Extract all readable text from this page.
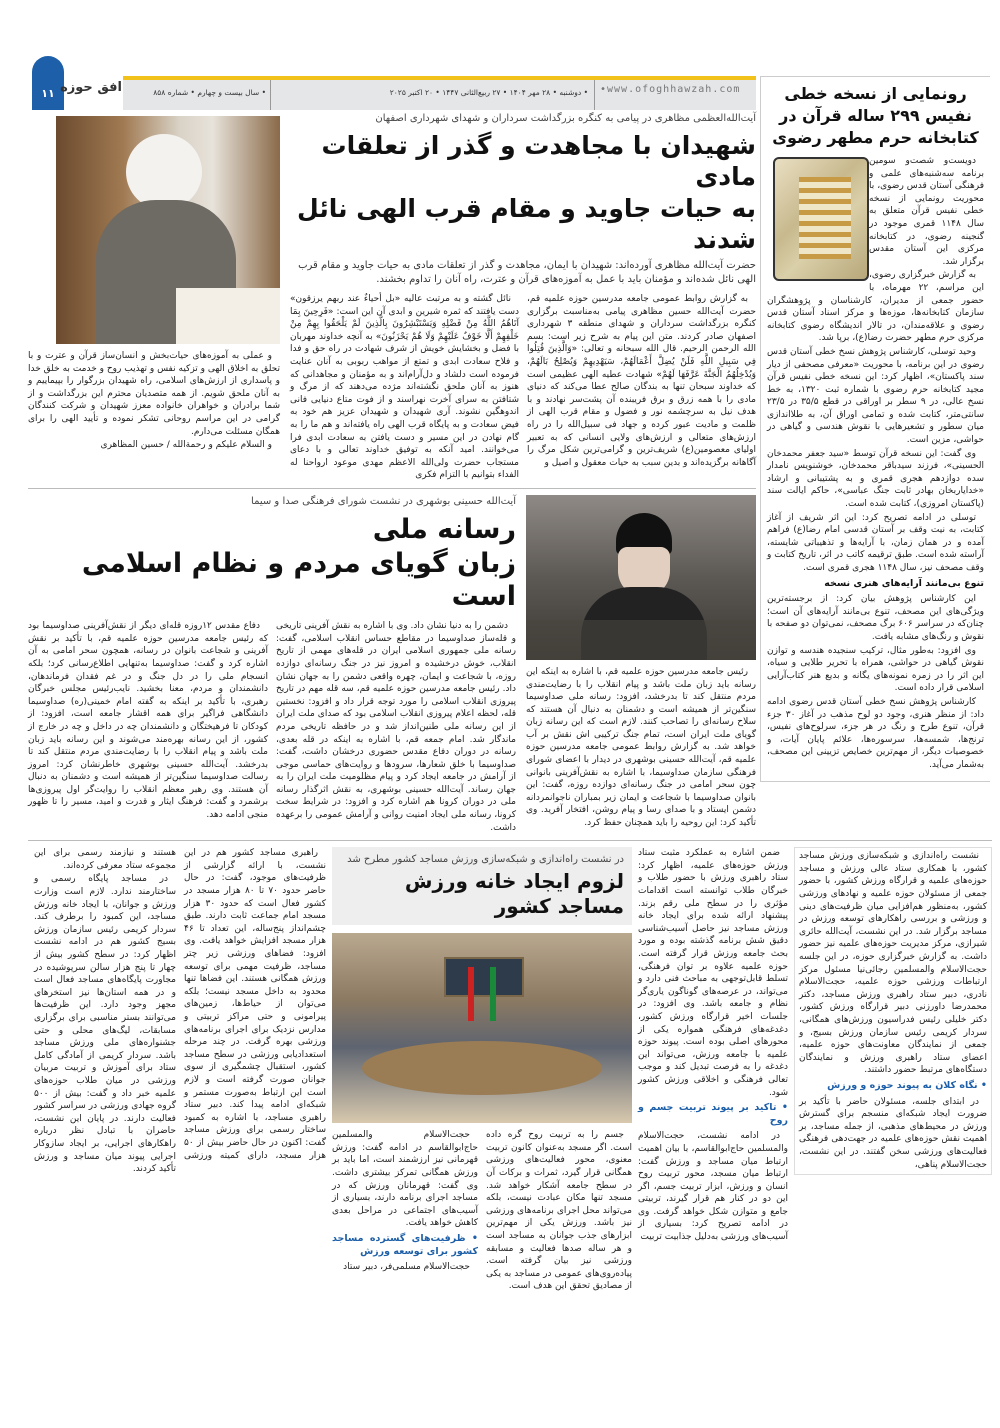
۱۱ افق حوزه	• سال بیست و چهارم • شماره ۸۵۸	• دوشنبه • ۲۸ مهر ۱۴۰۴ • ۲۷ ربیع‌الثانی ۱۴۴۷ • ۲۰ اکتبر ۲۰۲۵ •www.ofoghhawzah.com
آیت‌الله‌العظمی مظاهری در پیامی به کنگره بزرگداشت سرداران و شهدای شهرداری اصفهان
شهیدان با مجاهدت و گذر از تعلقات مادی
به حیات جاوید و مقام قرب الهی نائل شدند
حضرت آیت‌الله مظاهری آورده‌اند: شهیدان با ایمان، مجاهدت و گذر از تعلقات مادی به حیات جاوید و مقام قرب الهی نائل شده‌اند و مؤمنان باید با عمل به آموزه‌های قرآن و عترت، راه آنان را تداوم بخشند.

به گزارش روابط عمومی جامعه مدرسین حوزه علمیه قم، حضرت آیت‌الله حسین مظاهری پیامی به‌مناسبت برگزاری کنگره بزرگداشت سرداران و شهدای منطقه ۳ شهرداری اصفهان صادر کردند. متن این پیام به شرح زیر است: بسم الله الرحمن الرحیم. قال الله سبحانه و تعالی: «وَالَّذِينَ قُتِلُوا فِي سَبِيلِ اللَّهِ فَلَنْ يُضِلَّ أَعْمَالَهُمْ، سَيَهْدِيهِمْ وَيُصْلِحُ بَالَهُمْ، وَيُدْخِلُهُمُ الْجَنَّةَ عَرَّفَهَا لَهُمْ» شهادت عطیه الهی عظیمی است که خداوند سبحان تنها به بندگان صالح عطا می‌کند که دنیای مادی را با همه زرق و برق فریبنده آن پشت‌سر نهادند و با هدف نیل به سرچشمه نور و فضول و مقام قرب الهی از ظلمت و مادیت عبور کرده و جهاد فی سبیل‌الله را در راه ارزش‌های متعالی و ارزش‌های ولایی انسانی که به تعبیر اولیای معصومین(ع) شریف‌ترین و گرامی‌ترین شکل مرگ را آگاهانه برگزیده‌اند و بدین سبب به حیات معقول و اصیل و

نائل گشته و به مرتبت عالیه «بل أحیاءٌ عند ربهم یرزقون» دست یافتند که ثمره شیرین و ابدی آن این است: «فَرِحِينَ بِمَا آتَاهُمُ اللَّهُ مِنْ فَضْلِهِ وَيَسْتَبْشِرُونَ بِالَّذِينَ لَمْ يَلْحَقُوا بِهِمْ مِنْ خَلْفِهِمْ أَلَّا خَوْفٌ عَلَيْهِمْ وَلَا هُمْ يَحْزَنُونَ» به آنچه خداوند مهربان با فضل و بخشایش خویش از شرف شهادت در راه حق و فدا و فلاح سعادت ابدی و تمتع از مواهب ربوبی به آنان عنایت فرموده است دلشاد و دل‌آرام‌اند و به مؤمنان و مجاهدانی که هنوز به آنان ملحق نگشته‌اند مژده می‌دهند که از مرگ و شتافتن به سرای آخرت نهراسند و از فوت متاع دنیایی فانی اندوهگین نشوند. آری شهیدان و شهیدان عزیز هم خود به فیض سعادت و به پایگاه قرب الهی راه یافته‌اند و هم ما را به گام نهادن در این مسیر و دست یافتن به سعادت ابدی فرا می‌خوانند. امید آنکه به توفیق خداوند تعالی و با دعای مستجاب حضرت ولی‌الله الاعظم مهدی موعود ارواحنا له الفداء بتوانیم با التزام فکری

و عملی به آموزه‌های حیات‌بخش و انسان‌ساز قرآن و عترت و با تحلق به اخلاق الهی و تزکیه نفس و تهذیب روح و خدمت به خلق خدا و پاسداری از ارزش‌های اسلامی، راه شهیدان بزرگوار را بپیماییم و به آنان ملحق شویم. از همه متصدیان محترم این بزرگداشت و از شما برادران و خواهران خانواده معزز شهیدان و شرکت کنندگان گرامی در این مراسم روحانی تشکر نموده و تأیید الهی را برای همگان مسئلت می‌دارم.

و السلام علیکم و رحمة‌الله / حسین المظاهری

رئیس جامعه مدرسین حوزه علمیه قم، با اشاره به اینکه این رسانه باید زبان ملت باشد و پیام انقلاب را با رضایت‌مندی مردم منتقل کند تا بدرخشد، افزود: رسانه ملی صداوسیما سنگین‌تر از همیشه است و دشمنان به دنبال آن هستند که سلاح رسانه‌ای را تصاحب کنند. لازم است که این رسانه زبان گویای ملت ایران است، تمام جنگ ترکیبی اش نقش بر آب خواهد شد. به گزارش روابط عمومی جامعه مدرسین حوزه علمیه قم، آیت‌الله حسینی بوشهری در دیدار با اعضای شورای فرهنگی سازمان صداوسیما، با اشاره به نقش‌آفرینی بانوانی چون سحر امامی در جنگ رسانه‌ای دوازده روزه، گفت: این بانوان صداوسیما با شجاعت و ایمان زیر بمباران ناجوانمردانه دشمن ایستاد و با صدای رسا و پیام روشن، افتخار آفرید. وی تأکید کرد: این روحیه را باید همچنان حفظ کرد.

آیت‌الله حسینی بوشهری در نشست شورای فرهنگی صدا و سیما
رسانه ملی
زبان گویای مردم و نظام اسلامی است

دشمن را به دنیا نشان داد. وی با اشاره به نقش آفرینی تاریخی و قله‌ساز صداوسیما در مقاطع حساس انقلاب اسلامی، گفت: رسانه ملی جمهوری اسلامی ایران در قله‌های مهمی از تاریخ انقلاب، خوش درخشیده و امروز نیز در جنگ رسانه‌ای دوازده روزه، با شجاعت و ایمان، چهره واقعی دشمن را به جهان نشان داد. رئیس جامعه مدرسین حوزه علمیه قم، سه قله مهم در تاریخ پیروزی انقلاب اسلامی را مورد توجه قرار داد و افزود: نخستین قله، لحظه اعلام پیروزی انقلاب اسلامی بود که صدای ملت ایران از این رسانه ملی طنین‌انداز شد و در حافظه تاریخی مردم ماندگار شد. امام جمعه قم، با اشاره به اینکه در قله بعدی، رسانه در دوران دفاع مقدس حضوری درخشان داشت، گفت: صداوسیما با خلق شعارها، سرودها و روایت‌های حماسی موجی از آرامش در جامعه ایجاد کرد و پیام مظلومیت ملت ایران را به جهان رساند. آیت‌الله حسینی بوشهری، به نقش اثرگذار رسانه ملی در دوران کرونا هم اشاره کرد و افزود: در شرایط سخت کرونا، رسانه ملی ایجاد امنیت روانی و آرامش عمومی را برعهده داشت.

دفاع مقدس ۱۲روزه قله‌ای دیگر از نقش‌آفرینی صداوسیما بود که رئیس جامعه مدرسین حوزه علمیه قم، با تأکید بر نقش آفرینی و شجاعت بانوان در رسانه، همچون سحر امامی به آن اشاره کرد و گفت: صداوسیما به‌تنهایی اطلاع‌رسانی کرد؛ بلکه انسجام ملی را در دل جنگ و در غم فقدان فرماندهان، دانشمندان و مردم، معنا بخشید. نایب‌رئیس مجلس خبرگان رهبری، با تأکید بر اینکه به گفته امام خمینی(ره) صداوسیما دانشگاهی فراگیر برای همه اقشار جامعه است، افزود: از کودکان تا فرهیختگان و دانشمندان چه در داخل و چه در خارج از کشور، از این رسانه بهره‌مند می‌شوند و این رسانه باید زبان ملت باشد و پیام انقلاب را با رضایت‌مندی مردم منتقل کند تا بدرخشد. آیت‌الله حسینی بوشهری خاطرنشان کرد: امروز رسالت صداوسیما سنگین‌تر از همیشه است و دشمنان به دنبال آن هستند. وی رهبر معظم انقلاب را روایت‌گر اول پیروزی‌ها برشمرد و گفت: فرهنگ ایثار و قدرت و امید، مسیر را تا ظهور منجی ادامه دهد.

رونمایی از نسخه خطی نفیس ۲۹۹ ساله قرآن در کتابخانه حرم مطهر رضوی

دویست‌و شصت‌و سومین برنامه سه‌شنبه‌های علمی و فرهنگی آستان قدس رضوی، با محوریت رونمایی از نسخه خطی نفیس قرآن متعلق به سال ۱۱۴۸ قمری موجود در گنجینه رضوی، در کتابخانه مرکزی این آستان مقدس برگزار شد.

به گزارش خبرگزاری رضوی، این مراسم، ۲۲ مهرماه، با حضور جمعی از مدیران، کارشناسان و پژوهشگران سازمان کتابخانه‌ها، موزه‌ها و مرکز اسناد آستان قدس رضوی و علاقه‌مندان، در تالار اندیشگاه رضوی کتابخانه مرکزی حرم مطهر حضرت رضا(ع)، برپا شد.

وحید توسلی، کارشناس پژوهش نسخ خطی آستان قدس رضوی در این برنامه، با محوریت «معرفی مصحفی از دیار سند پاکستان»، اظهار کرد: این نسخه خطی نفیس قرآن مجید کتابخانه حرم رضوی با شماره ثبت ۱۳۲۰، به خط نسخ عالی، در ۹ سطر بر اوراقی در قطع ۳۵/۵ در ۲۳/۵ سانتی‌متر، کتابت شده و تمامی اوراق آن، به طلااندازی میان سطور و تشعیرهایی با نقوش هندسی و گیاهی در حواشی، مزین است.

وی گفت: این نسخه قرآن توسط «سید جعفر محمدخان الحسینی»، فرزند سیدباقر محمدخان، خوشنویس نامدار سده دوازدهم هجری قمری و به پشتیبانی و ارشاد «خدایاربخان بهادر ثابت جنگ عباسی»، حاکم ایالت سند (پاکستان امروزی)، کتابت شده است.

توسلی در ادامه تصریح کرد: این اثر شریف از آغاز کتابت، به نیت وقف بر آستان قدسی امام رضا(ع) فراهم آمده و در همان زمان، با آرایه‌ها و تذهیباتی شایسته، آراسته شده است. طبق ترقیمه کاتب در اثر، تاریخ کتابت و وقف مصحف نیز، سال ۱۱۴۸ هجری قمری است.

تنوع بی‌مانند آرایه‌های هنری نسخه

این کارشناس پژوهش بیان کرد: از برجسته‌ترین ویژگی‌های این مصحف، تنوع بی‌مانند آرایه‌های آن است؛ چنان‌که در سراسر ۶۰۶ برگ مصحف، نمی‌توان دو صفحه با نقوش و رنگ‌های مشابه یافت.

وی افزود: به‌طور مثال، ترکیب سنجیده هندسه و توازن نقوش گیاهی در حواشی، همراه با تحریر طلایی و سیاه، این اثر را در زمره نمونه‌های یگانه و بدیع هنر کتاب‌آرایی اسلامی قرار داده است.

کارشناس پژوهش نسخ خطی آستان قدس رضوی ادامه داد: از منظر هنری، وجود دو لوح مذهب در آغاز ۳۰ جزء قرآن، تنوع طرح و رنگ در هر جزء، سرلوح‌های نفیس، ترنج‌ها، شمسه‌ها، سرسوره‌ها، علائم پایان آیات، و خصوصیات دیگر، از مهم‌ترین خصایص تزیینی این مصحف، به‌شمار می‌آید.

نشست راه‌اندازی و شبکه‌سازی ورزش مساجد کشور، با همکاری ستاد عالی ورزش و مساجد حوزه‌های علمیه و قرارگاه ورزش کشور، با حضور جمعی از مسئولان حوزه علمیه و نهادهای ورزشی کشور، به‌منظور هم‌افزایی میان ظرفیت‌های دینی و ورزشی و بررسی راهکارهای توسعه ورزش در مساجد برگزار شد. در این نشست، آیت‌الله حائری شیرازی، مرکز مدیریت حوزه‌های علمیه نیز حضور داشت. به گزارش خبرگزاری حوزه، در این جلسه حجت‌الاسلام والمسلمین رجائی‌نیا مسئول مرکز ارتباطات ورزشی حوزه علمیه، حجت‌الاسلام نادری، دبیر ستاد راهبری ورزش مساجد، دکتر محمدرضا داورزنی دبیر قرارگاه ورزش کشور، دکتر خلیلی رئیس فدراسیون ورزش‌های همگانی، سردار کریمی رئیس سازمان ورزش بسیج، و جمعی از نمایندگان معاونت‌های حوزه علمیه، اعضای ستاد راهبری ورزش و نمایندگان دستگاه‌های مرتبط حضور داشتند.

• نگاه کلان به پیوند حوزه و ورزش

در ابتدای جلسه، مسئولان حاضر با تأکید بر ضرورت ایجاد شبکه‌ای منسجم برای گسترش ورزش در محیط‌های مذهبی، از جمله مساجد، بر اهمیت نقش حوزه‌های علمیه در جهت‌دهی فرهنگی فعالیت‌های ورزشی سخن گفتند. در این نشست، حجت‌الاسلام پناهی،

ضمن اشاره به عملکرد مثبت ستاد ورزش حوزه‌های علمیه، اظهار کرد: ستاد راهبری ورزش با حضور طلاب و خبرگان طلاب توانسته است اقدامات مؤثری را در سطح ملی رقم بزند. پیشنهاد ارائه شده برای ایجاد خانه ورزش مساجد نیز حاصل آسیب‌شناسی دقیق شش برنامه گذشته بوده و مورد بحث جامعه ورزش قرار گرفته است. حوزه علمیه علاوه بر توان فرهنگی، تسلط قابل‌توجهی به مباحث فنی دارد و می‌تواند، در عرصه‌های گوناگون یاری‌گر نظام و جامعه باشد. وی افزود: در جلسات اخیر قرارگاه ورزش کشور، دغدغه‌های فرهنگی همواره یکی از محورهای اصلی بوده است. پیوند حوزه علمیه با جامعه ورزش، می‌تواند این دغدغه را به فرصت تبدیل کند و موجب تعالی فرهنگی و اخلاقی ورزش کشور شود.

• تاکید بر پیوند تربیت جسم و روح

در ادامه نشست، حجت‌الاسلام والمسلمین حاج‌ابوالقاسم، با بیان اهمیت ارتباط میان مساجد و ورزش گفت: ارتباط میان مسجد، محور تربیت روح انسان و ورزش، ابزار تربیت جسم، اگر این دو در کنار هم قرار گیرند، تربیتی جامع و متوازن شکل خواهد گرفت. وی در ادامه تصریح کرد: بسیاری از آسیب‌های ورزشی به‌دلیل جذابیت تربیت

در نشست راه‌اندازی و شبکه‌سازی ورزش مساجد کشور مطرح شد
لزوم ایجاد خانه ورزش مساجد کشور

جسم را به تربیت روح گره داده است. اگر مسجد به‌عنوان کانون تربیت معنوی، محور فعالیت‌های ورزشی همگانی قرار گیرد، ثمرات و برکات آن در سطح جامعه آشکار خواهد شد. مسجد تنها مکان عبادت نیست، بلکه می‌تواند محل اجرای برنامه‌های ورزشی نیز باشد. ورزش یکی از مهم‌ترین ابزارهای جذب جوانان به مساجد است و هر ساله صدها فعالیت و مسابقه ورزشی نیز بیان گرفته است. پیاده‌روی‌های عمومی در مساجد به یکی از مصادیق تحقق این هدف است.

حجت‌الاسلام والمسلمین حاج‌ابوالقاسم در ادامه گفت: ورزش قهرمانی نیز ارزشمند است، اما باید بر ورزش همگانی تمرکز بیشتری داشت. وی گفت: قهرمانان ورزش که در مساجد اجرای برنامه دارند، بسیاری از آسیب‌های اجتماعی در مراحل بعدی کاهش خواهد یافت.

• ظرفیت‌های گسترده مساجد کشور برای توسعه ورزش

حجت‌الاسلام مسلمی‌فر، دبیر ستاد

راهبری مساجد کشور هم در این نشست، با ارائه گزارشی از ظرفیت‌های موجود، گفت: در حال حاضر حدود ۷۰ تا ۸۰ هزار مسجد در کشور فعال است که حدود ۳۰ هزار مسجد امام جماعت ثابت دارند. طبق چشم‌انداز پنج‌ساله، این تعداد تا ۴۶ هزار مسجد افزایش خواهد یافت. وی افزود: فضاهای ورزشی زیر چتر مساجد، ظرفیت مهمی برای توسعه ورزش همگانی هستند. این فضاها تنها محدود به داخل مسجد نیست؛ بلکه می‌توان از حیاط‌ها، زمین‌های پیرامونی و حتی مراکز تربیتی و مدارس نزدیک برای اجرای برنامه‌های ورزشی بهره گرفت. در چند مرحله استعدادیابی ورزشی در سطح مساجد کشور، استقبال چشمگیری از سوی جوانان صورت گرفته است و لازم است این ارتباط به‌صورت مستمر و شبکه‌ای ادامه پیدا کند. دبیر ستاد راهبری مساجد، با اشاره به کمبود ساختار رسمی برای ورزش مساجد گفت: اکنون در حال حاضر بیش از ۵۰ هزار مسجد، دارای کمیته ورزشی هستند و نیازمند رسمی برای این مجموعه ستاد معرفی کرده‌اند.

در مساجد پایگاه رسمی و ساختارمند ندارد. لازم است وزارت ورزش و جوانان، با ایجاد خانه ورزش مساجد، این کمبود را برطرف کند. سردار کریمی رئیس سازمان ورزش بسیج کشور هم در ادامه نشست اظهار کرد: در سطح کشور بیش از چهار تا پنج هزار سالن سرپوشیده در مجاورت پایگاه‌های مساجد فعال است و در همه استان‌ها نیز استخرهای مجهز وجود دارد. این ظرفیت‌ها می‌توانند بستر مناسبی برای برگزاری مسابقات، لیگ‌های محلی و حتی جشنواره‌های ملی ورزش مساجد باشد. سردار کریمی از آمادگی کامل ستاد برای آموزش و تربیت مربیان ورزشی در میان طلاب حوزه‌های علمیه خبر داد و گفت: بیش از ۵۰۰ گروه جهادی ورزشی در سراسر کشور فعالیت دارند. در پایان این نشست، حاضران با تبادل نظر درباره راهکارهای اجرایی، بر ایجاد سازوکار اجرایی پیوند میان مساجد و ورزش تأکید کردند.
